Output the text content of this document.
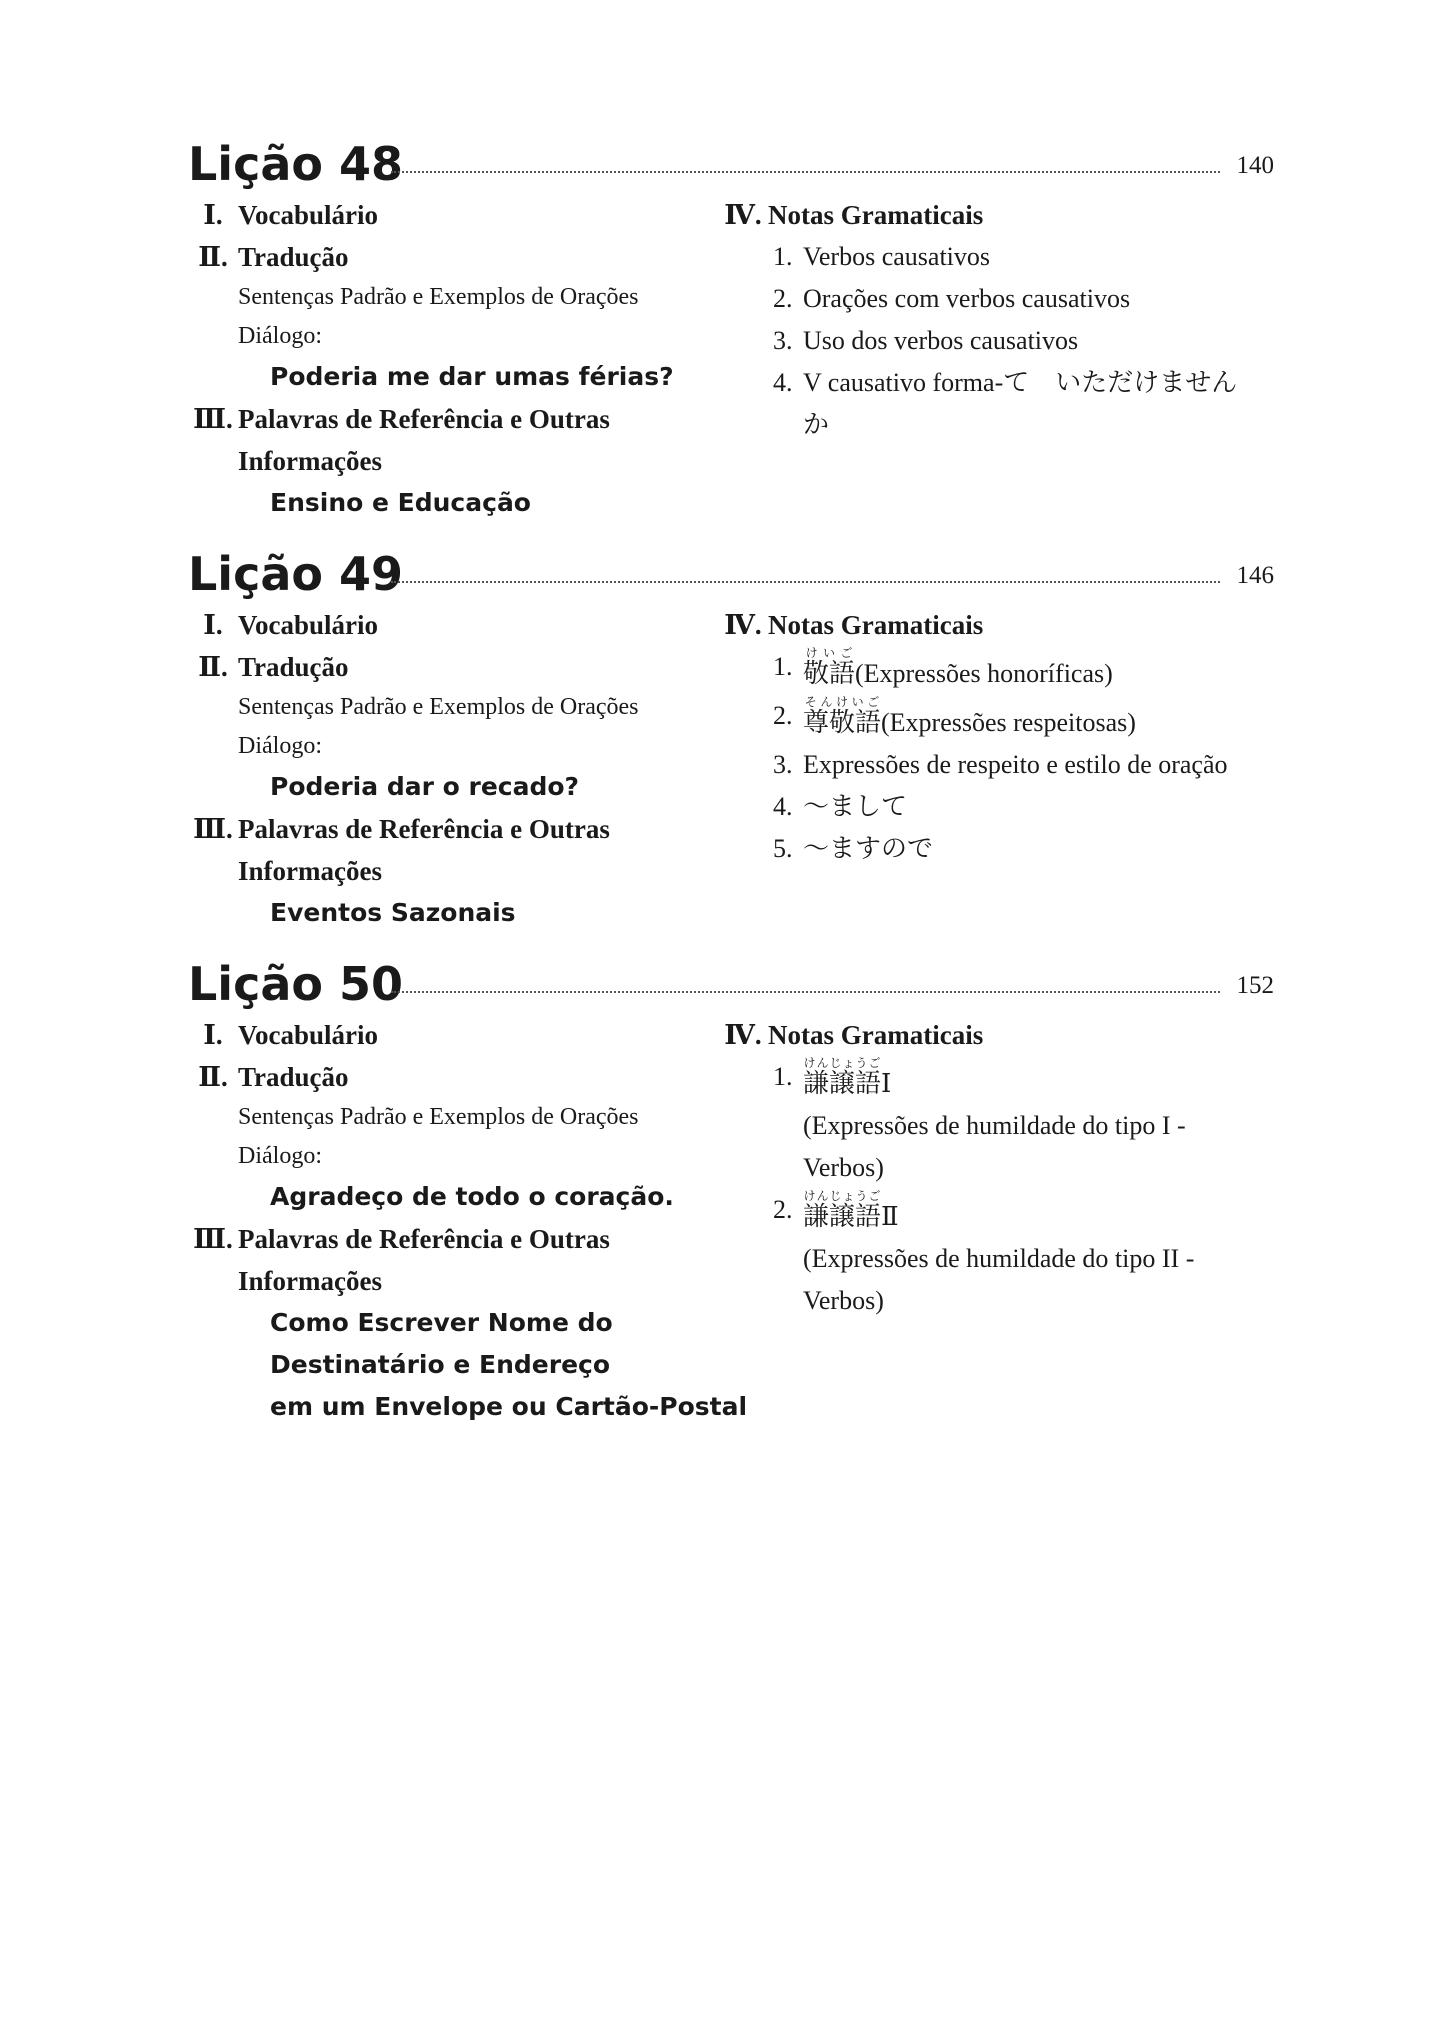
Lição 48	140
Ⅰ. Vocabulário
Ⅱ. Tradução
Sentenças Padrão e Exemplos de Orações
Diálogo:
Poderia me dar umas férias?
Ⅲ. Palavras de Referência e Outras
Informações
Ensino e Educação
Ⅳ. Notas Gramaticais
1. Verbos causativos
2. Orações com verbos causativos
3. Uso dos verbos causativos
4. V causativo forma-て　いただけません
か
Lição 49	146
Ⅰ. Vocabulário
Ⅱ. Tradução
Sentenças Padrão e Exemplos de Orações
Diálogo:
Poderia dar o recado?
Ⅲ. Palavras de Referência e Outras
Informações
Eventos Sazonais
Ⅳ. Notas Gramaticais
1. 敬語けいご(Expressões honoríficas)
2. 尊敬語そんけいご(Expressões respeitosas)
3. Expressões de respeito e estilo de oração
4. ～まして
5. ～ますので
Lição 50	152
Ⅰ. Vocabulário
Ⅱ. Tradução
Sentenças Padrão e Exemplos de Orações
Diálogo:
Agradeço de todo o coração.
Ⅲ. Palavras de Referência e Outras
Informações
Como Escrever Nome do
Destinatário e Endereço
em um Envelope ou Cartão-Postal
Ⅳ. Notas Gramaticais
1. 謙譲語けんじょうごⅠ
(Expressões de humildade do tipo I -
Verbos)
2. 謙譲語けんじょうごⅡ
(Expressões de humildade do tipo II -
Verbos)
